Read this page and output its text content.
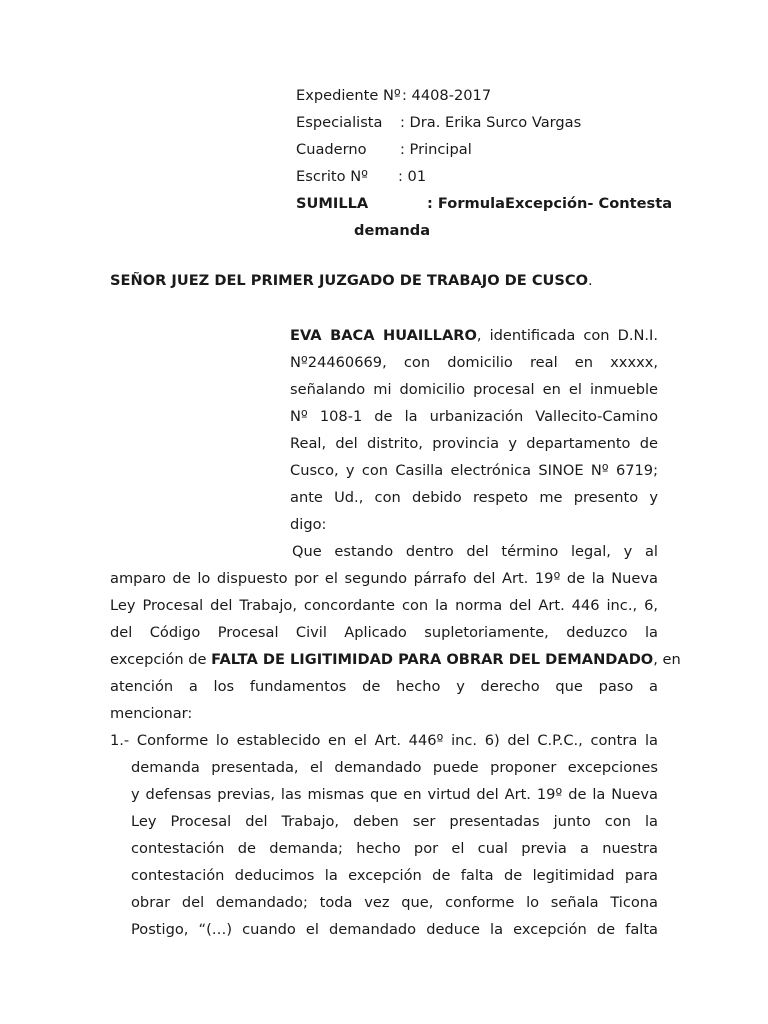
Expediente Nº : 4408-2017
Especialista : Dra. Erika Surco Vargas
Cuaderno : Principal
Escrito Nº : 01
SUMILLA	: Formula Excepción - Contesta
demanda
SEÑOR JUEZ DEL PRIMER JUZGADO DE TRABAJO DE CUSCO.
EVA BACA HUAILLARO, identificada con D.N.I.
Nº24460669, con domicilio real en xxxxx,
señalando mi domicilio procesal en el inmueble
Nº 108-1 de la urbanización Vallecito-Camino
Real, del distrito, provincia y departamento de
Cusco, y con Casilla electrónica SINOE Nº 6719;
ante Ud., con debido respeto me presento y
digo:
Que estando dentro del término legal, y al
amparo de lo dispuesto por el segundo párrafo del Art. 19º de la Nueva
Ley Procesal del Trabajo, concordante con la norma del Art. 446 inc., 6,
del Código Procesal Civil Aplicado supletoriamente, deduzco la
excepción de FALTA DE LIGITIMIDAD PARA OBRAR DEL DEMANDADO, en
atención a los fundamentos de hecho y derecho que paso a
mencionar:
1.- Conforme lo establecido en el Art. 446º inc. 6) del C.P.C., contra la
demanda presentada, el demandado puede proponer excepciones
y defensas previas, las mismas que en virtud del Art. 19º de la Nueva
Ley Procesal del Trabajo, deben ser presentadas junto con la
contestación de demanda; hecho por el cual previa a nuestra
contestación deducimos la excepción de falta de legitimidad para
obrar del demandado; toda vez que, conforme lo señala Ticona
Postigo, “(…) cuando el demandado deduce la excepción de falta
